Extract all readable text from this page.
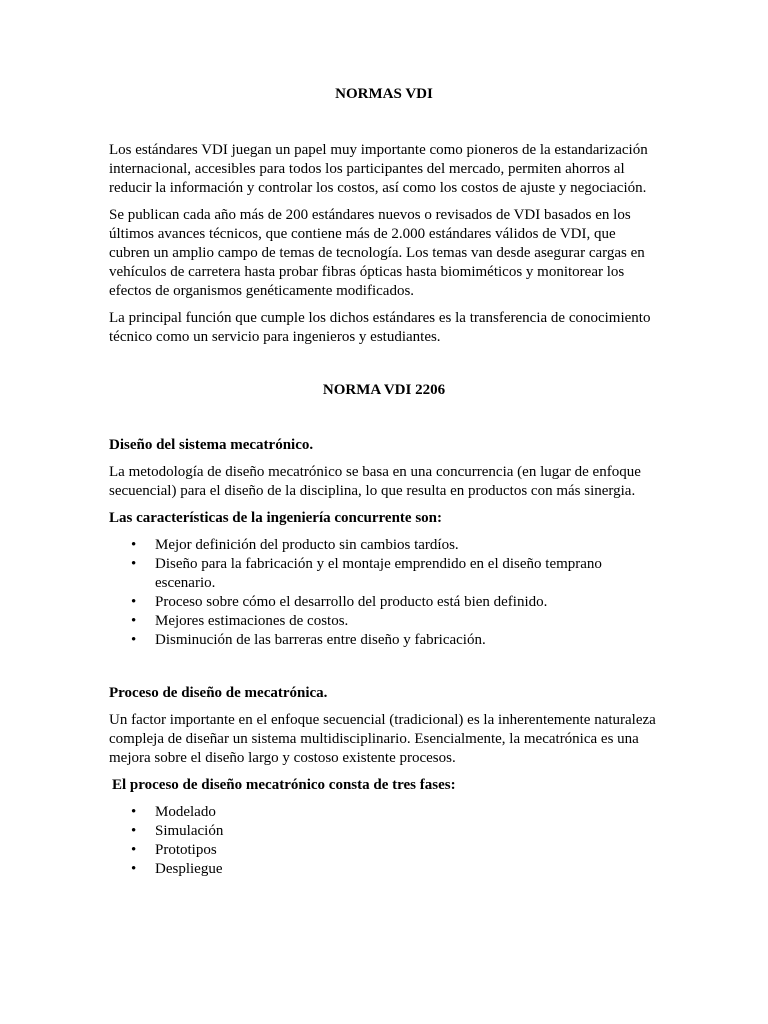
NORMAS VDI

Los estándares VDI juegan un papel muy importante como pioneros de la estandarización internacional, accesibles para todos los participantes del mercado, permiten ahorros al reducir la información y controlar los costos, así como los costos de ajuste y negociación.

Se publican cada año más de 200 estándares nuevos o revisados de VDI basados en los últimos avances técnicos, que contiene más de 2.000 estándares válidos de VDI, que cubren un amplio campo de temas de tecnología. Los temas van desde asegurar cargas en vehículos de carretera hasta probar fibras ópticas hasta biomiméticos y monitorear los efectos de organismos genéticamente modificados.

La principal función que cumple los dichos estándares es la transferencia de conocimiento técnico como un servicio para ingenieros y estudiantes.

NORMA VDI 2206

Diseño del sistema mecatrónico.

La metodología de diseño mecatrónico se basa en una concurrencia (en lugar de enfoque secuencial) para el diseño de la disciplina, lo que resulta en productos con más sinergia.

Las características de la ingeniería concurrente son:

• Mejor definición del producto sin cambios tardíos.
• Diseño para la fabricación y el montaje emprendido en el diseño temprano escenario.
• Proceso sobre cómo el desarrollo del producto está bien definido.
• Mejores estimaciones de costos.
• Disminución de las barreras entre diseño y fabricación.

Proceso de diseño de mecatrónica.

Un factor importante en el enfoque secuencial (tradicional) es la inherentemente naturaleza compleja de diseñar un sistema multidisciplinario. Esencialmente, la mecatrónica es una mejora sobre el diseño largo y costoso existente procesos.

El proceso de diseño mecatrónico consta de tres fases:

• Modelado
• Simulación
• Prototipos
• Despliegue
